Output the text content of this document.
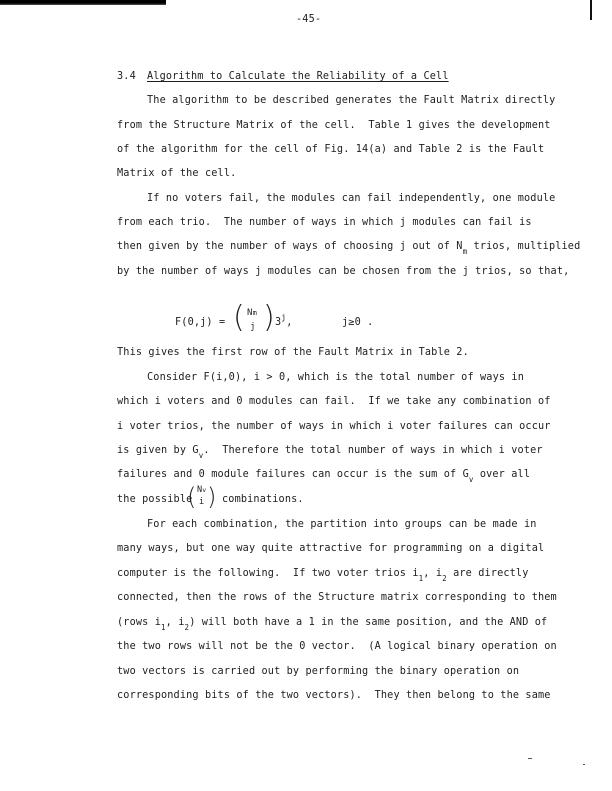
-45-
3.4 Algorithm to Calculate the Reliability of a Cell
The algorithm to be described generates the Fault Matrix directly
from the Structure Matrix of the cell.  Table 1 gives the development
of the algorithm for the cell of Fig. 14(a) and Table 2 is the Fault
Matrix of the cell.
If no voters fail, the modules can fail independently, one module
from each trio.  The number of ways in which j modules can fail is
then given by the number of ways of choosing j out of $N_m$ trios, multiplied
by the number of ways j modules can be chosen from the j trios, so that,
F(0,j) = ( Nm
j ) 3$^j$,	j≥0 .
This gives the first row of the Fault Matrix in Table 2.
Consider F(i,0), i > 0, which is the total number of ways in
which i voters and 0 modules can fail.  If we take any combination of
i voter trios, the number of ways in which i voter failures can occur
is given by $G_v$.  Therefore the total number of ways in which i voter
failures and 0 module failures can occur is the sum of $G_v$ over all
the possible
( Nv
i ) combinations.
For each combination, the partition into groups can be made in
many ways, but one way quite attractive for programming on a digital
computer is the following.  If two voter trios $i_1$, $i_2$ are directly
connected, then the rows of the Structure matrix corresponding to them
(rows $i_1$, $i_2$) will both have a 1 in the same position, and the AND of
the two rows will not be the 0 vector.  (A logical binary operation on
two vectors is carried out by performing the binary operation on
corresponding bits of the two vectors).  They then belong to the same
